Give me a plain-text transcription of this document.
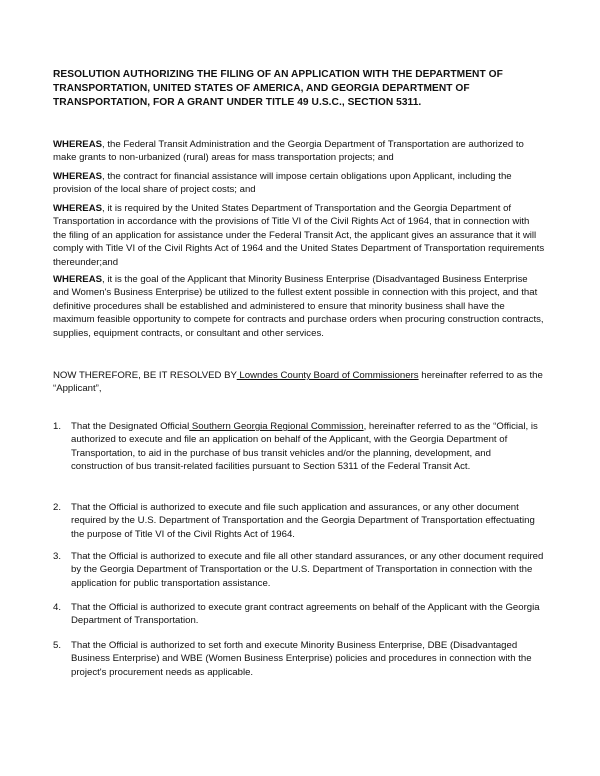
RESOLUTION AUTHORIZING THE FILING OF AN APPLICATION WITH THE DEPARTMENT OF TRANSPORTATION, UNITED STATES OF AMERICA, AND GEORGIA DEPARTMENT OF TRANSPORTATION, FOR A GRANT UNDER TITLE 49 U.S.C., SECTION 5311.

WHEREAS, the Federal Transit Administration and the Georgia Department of Transportation are authorized to make grants to non-urbanized (rural) areas for mass transportation projects; and

WHEREAS, the contract for financial assistance will impose certain obligations upon Applicant, including the provision of the local share of project costs; and

WHEREAS, it is required by the United States Department of Transportation and the Georgia Department of Transportation in accordance with the provisions of Title VI of the Civil Rights Act of 1964, that in connection with the filing of an application for assistance under the Federal Transit Act, the applicant gives an assurance that it will comply with Title VI of the Civil Rights Act of 1964 and the United States Department of Transportation requirements thereunder;and

WHEREAS, it is the goal of the Applicant that Minority Business Enterprise (Disadvantaged Business Enterprise and Women's Business Enterprise) be utilized to the fullest extent possible in connection with this project, and that definitive procedures shall be established and administered to ensure that minority business shall have the maximum feasible opportunity to compete for contracts and purchase orders when procuring construction contracts, supplies, equipment contracts, or consultant and other services.

NOW THEREFORE, BE IT RESOLVED BY Lowndes County Board of Commissioners hereinafter referred to as the “Applicant”,

1.	That the Designated Official Southern Georgia Regional Commission, hereinafter referred to as the “Official, is authorized to execute and file an application on behalf of the Applicant, with the Georgia Department of Transportation, to aid in the purchase of bus transit vehicles and/or the planning, development, and construction of bus transit-related facilities pursuant to Section 5311 of the Federal Transit Act.
2.	That the Official is authorized to execute and file such application and assurances, or any other document required by the U.S. Department of Transportation and the Georgia Department of Transportation effectuating the purpose of Title VI of the Civil Rights Act of 1964.
3.	That the Official is authorized to execute and file all other standard assurances, or any other document required by the Georgia Department of Transportation or the U.S. Department of Transportation in connection with the application for public transportation assistance.
4.	That the Official is authorized to execute grant contract agreements on behalf of the Applicant with the Georgia Department of Transportation.
5.	That the Official is authorized to set forth and execute Minority Business Enterprise, DBE (Disadvantaged Business Enterprise) and WBE (Women Business Enterprise) policies and procedures in connection with the project's procurement needs as applicable.
